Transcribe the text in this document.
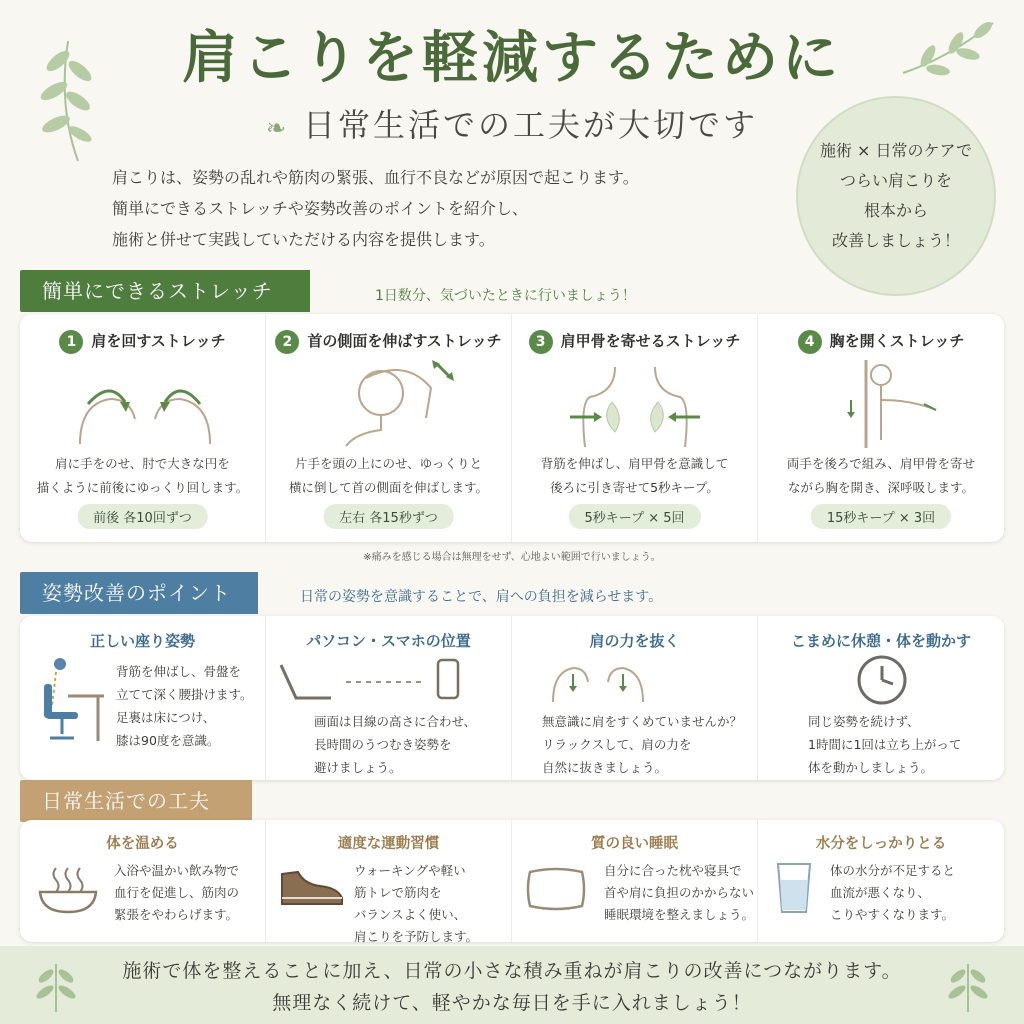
肩こりを軽減するために
❧ 日常生活での工夫が大切です
肩こりは、姿勢の乱れや筋肉の緊張、血行不良などが原因で起こります。
簡単にできるストレッチや姿勢改善のポイントを紹介し、
施術と併せて実践していただける内容を提供します。
施術 × 日常のケアで
つらい肩こりを
根本から
改善しましょう！
簡単にできるストレッチ	1日数分、気づいたときに行いましょう！
1 肩を回すストレッチ
肩に手をのせ、肘で大きな円を
描くように前後にゆっくり回します。
前後 各10回ずつ
2 首の側面を伸ばすストレッチ
片手を頭の上にのせ、ゆっくりと
横に倒して首の側面を伸ばします。
左右 各15秒ずつ
3 肩甲骨を寄せるストレッチ
背筋を伸ばし、肩甲骨を意識して
後ろに引き寄せて5秒キープ。
5秒キープ × 5回
4 胸を開くストレッチ
両手を後ろで組み、肩甲骨を寄せ
ながら胸を開き、深呼吸します。
15秒キープ × 3回
※痛みを感じる場合は無理をせず、心地よい範囲で行いましょう。
姿勢改善のポイント	日常の姿勢を意識することで、肩への負担を減らせます。
正しい座り姿勢
背筋を伸ばし、骨盤を
立てて深く腰掛けます。
足裏は床につけ、
膝は90度を意識。
パソコン・スマホの位置
画面は目線の高さに合わせ、
長時間のうつむき姿勢を
避けましょう。
肩の力を抜く
無意識に肩をすくめていませんか？
リラックスして、肩の力を
自然に抜きましょう。
こまめに休憩・体を動かす
同じ姿勢を続けず、
1時間に1回は立ち上がって
体を動かしましょう。
日常生活での工夫
体を温める
入浴や温かい飲み物で
血行を促進し、筋肉の
緊張をやわらげます。
適度な運動習慣
ウォーキングや軽い
筋トレで筋肉を
バランスよく使い、
肩こりを予防します。
質の良い睡眠
自分に合った枕や寝具で
首や肩に負担のかからない
睡眠環境を整えましょう。
水分をしっかりとる
体の水分が不足すると
血流が悪くなり、
こりやすくなります。
施術で体を整えることに加え、日常の小さな積み重ねが肩こりの改善につながります。
無理なく続けて、軽やかな毎日を手に入れましょう！
